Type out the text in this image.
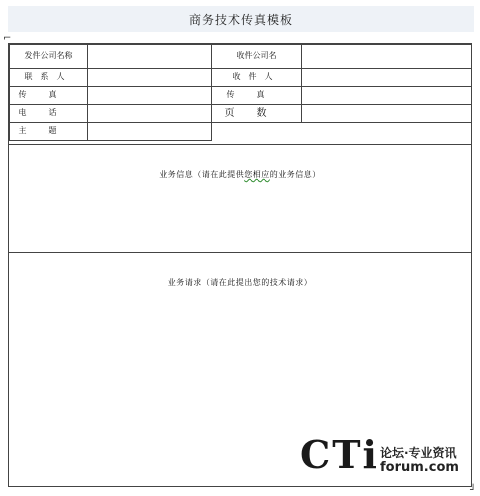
商务技术传真模板
⌐
┘
发件公司名称		收件公司名	
联系人		收件人	
传真		传真	
电话		页数	
主题			
业务信息（请在此提供您相应的业务信息）
业务请求（请在此提出您的技术请求）
CTi 论坛·专业资讯
forum.com
